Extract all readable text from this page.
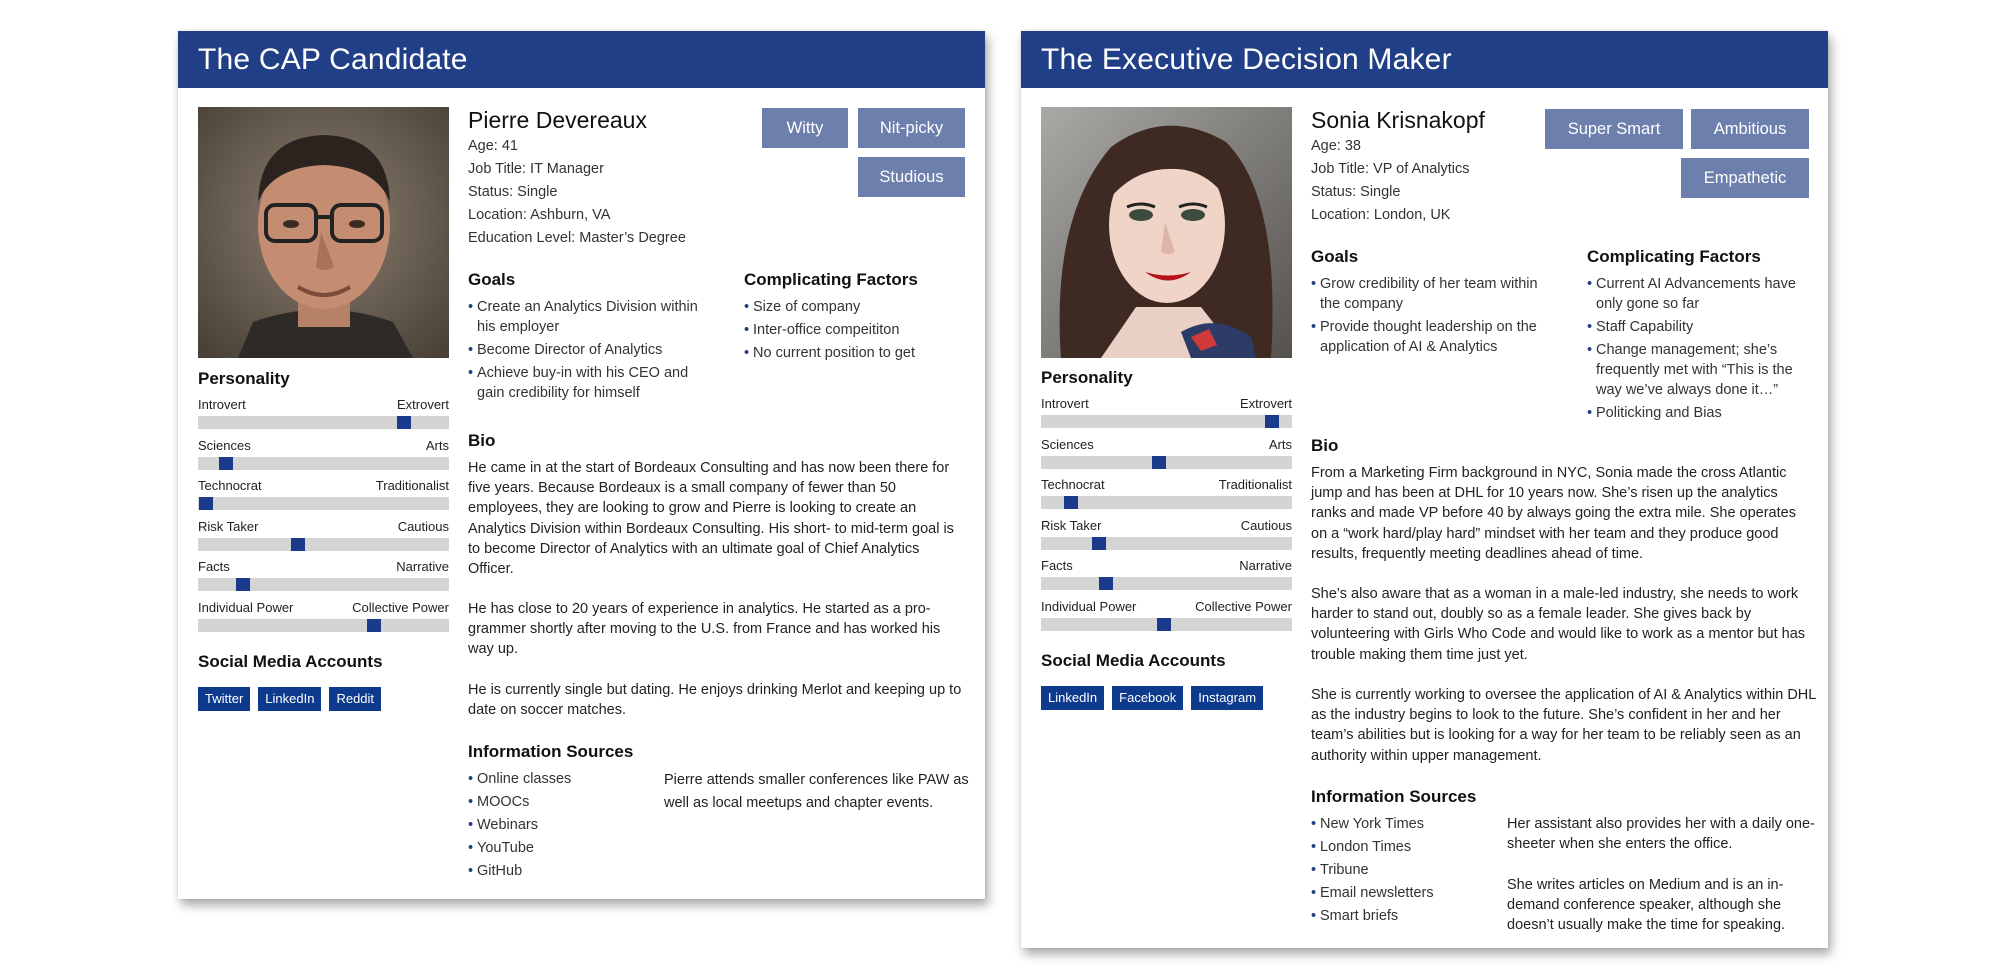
The CAP Candidate
Personality
Introvert	Extrovert
Sciences	Arts
Technocrat	Traditionalist
Risk Taker	Cautious
Facts	Narrative
Individual Power	Collective Power
Social Media Accounts
Twitter LinkedIn Reddit
Pierre Devereaux
Age: 41
Job Title: IT Manager
Status: Single
Location: Ashburn, VA
Education Level: Master’s Degree
Witty	Nit-picky
Studious
Goals
• Create an Analytics Division within his employer
• Become Director of Analytics
• Achieve buy-in with his CEO and gain credibility for himself
Complicating Factors
• Size of company
• Inter-office compeititon
• No current position to get
Bio
He came in at the start of Bordeaux Consulting and has now been there for five years. Because Bordeaux is a small company of fewer than 50 employees, they are looking to grow and Pierre is looking to create an Analytics Division within Bordeaux Consulting. His short- to mid-term goal is to become Director of Analytics with an ultimate goal of Chief Analytics Officer.
He has close to 20 years of experience in analytics. He started as a pro-grammer shortly after moving to the U.S. from France and has worked his way up.
He is currently single but dating. He enjoys drinking Merlot and keeping up to date on soccer matches.
Information Sources
• Online classes
• MOOCs
• Webinars
• YouTube
• GitHub
Pierre attends smaller conferences like PAW as well as local meetups and chapter events.
The Executive Decision Maker
Personality
Introvert	Extrovert
Sciences	Arts
Technocrat	Traditionalist
Risk Taker	Cautious
Facts	Narrative
Individual Power	Collective Power
Social Media Accounts
LinkedIn Facebook Instagram
Sonia Krisnakopf
Age: 38
Job Title: VP of Analytics
Status: Single
Location: London, UK
Super Smart	Ambitious
Empathetic
Goals
• Grow credibility of her team within the company
• Provide thought leadership on the application of AI & Analytics
Complicating Factors
• Current AI Advancements have only gone so far
• Staff Capability
• Change management; she’s frequently met with “This is the way we’ve always done it…”
• Politicking and Bias
Bio
From a Marketing Firm background in NYC, Sonia made the cross Atlantic jump and has been at DHL for 10 years now. She’s risen up the analytics ranks and made VP before 40 by always going the extra mile. She operates on a “work hard/play hard” mindset with her team and they produce good results, frequently meeting deadlines ahead of time.
She’s also aware that as a woman in a male-led industry, she needs to work harder to stand out, doubly so as a female leader. She gives back by volunteering with Girls Who Code and would like to work as a mentor but has trouble making them time just yet.
She is currently working to oversee the application of AI & Analytics within DHL as the industry begins to look to the future. She’s confident in her and her team’s abilities but is looking for a way for her team to be reliably seen as an authority within upper management.
Information Sources
• New York Times
• London Times
• Tribune
• Email newsletters
• Smart briefs
Her assistant also provides her with a daily one-sheeter when she enters the office.
She writes articles on Medium and is an in-demand conference speaker, although she doesn’t usually make the time for speaking.
